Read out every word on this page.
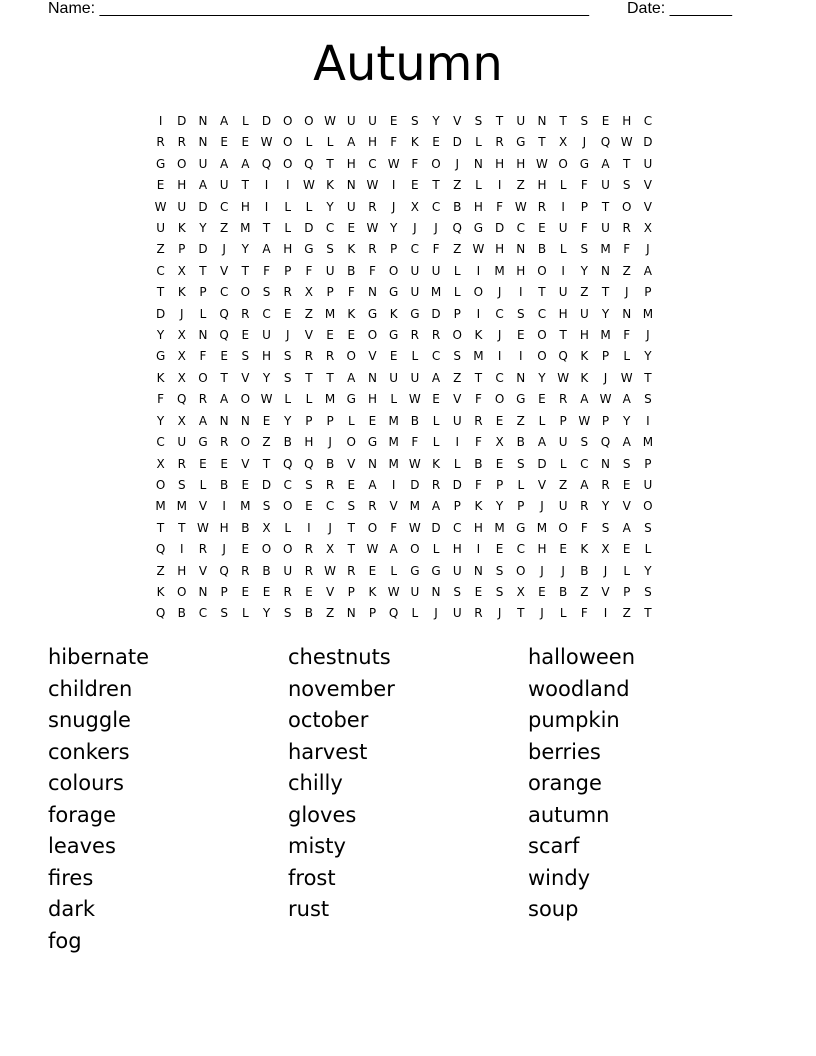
Name: _______________________________________________________ Date: _______
Autumn
I	D	N	A	L	D O O W U	U	E	S	Y	V	S	T	U	N	T	S	E	H	C
R	R	N	E	E W O	L	L	A	H	F	K	E	D	L	R	G	T	X	J	Q W D
G O	U	A	A	Q O Q	T	H	C W F	O	J	N	H	H W O G	A	T	U
E	H	A	U	T	I	I	W K	N W	I	E	T	Z	L	I	Z	H	L	F	U	S	V
W U	D	C	H	I	L	L	Y	U	R	J	X	C	B	H	F W R	I	P	T	O	V
U	K	Y	Z M	T	L	D	C	E W Y	J	J	Q G D	C	E	U	F	U	R	X
Z	P	D	J	Y	A	H	G	S	K	R	P	C	F	Z W H	N	B	L	S	M	F	J
C	X	T	V	T	F	P	F	U	B	F	O	U	U	L	I	M H O	I	Y	N	Z	A
T	K	P	C	O	S	R	X	P	F	N	G	U M	L	O	J	I	T	U	Z	T	J	P
D	J	L	Q	R	C	E	Z M	K	G	K	G D	P	I	C	S	C	H	U	Y	N M
Y	X	N Q	E	U	J	V	E	E	O G	R	R	O	K	J	E	O	T	H M	F	J
G	X	F	E	S	H	S	R	R	O	V	E	L	C	S	M	I	I	O Q	K	P	L	Y
K	X	O	T	V	Y	S	T	T	A	N	U	U	A	Z	T	C	N	Y W K	J	W T
F	Q	R	A	O W L	L	M G	H	L W E	V	F	O G	E	R	A W A	S
Y	X	A	N	N	E	Y	P	P	L	E	M B	L	U	R	E	Z	L	P W P	Y	I
C	U	G	R	O	Z	B	H	J	O G M	F	L	I	F	X	B	A	U	S	Q	A M
X	R	E	E	V	T	Q Q	B	V	N M W K	L	B	E	S	D	L	C	N	S	P
O	S	L	B	E	D	C	S	R	E	A	I	D	R	D	F	P	L	V	Z	A	R	E	U
M M V	I	M	S	O	E	C	S	R	V M A	P	K	Y	P	J	U	R	Y	V	O
T	T W H	B	X	L	I	J	T	O	F W D	C	H M G M O	F	S	A	S
Q	I	R	J	E	O O	R	X	T W A	O	L	H	I	E	C	H	E	K	X	E	L
Z	H	V	Q	R	B	U	R W R	E	L	G G	U	N	S	O	J	J	B	J	L	Y
K	O N	P	E	E	R	E	V	P	K W U	N	S	E	S	X	E	B	Z	V	P	S
Q	B	C	S	L	Y	S	B	Z	N	P	Q	L	J	U	R	J	T	J	L	F	I	Z	T
hibernate
children
snuggle
conkers
colours
forage
leaves
fires
dark
fog
chestnuts
november
october
harvest
chilly
gloves
misty
frost
rust
halloween
woodland
pumpkin
berries
orange
autumn
scarf
windy
soup
